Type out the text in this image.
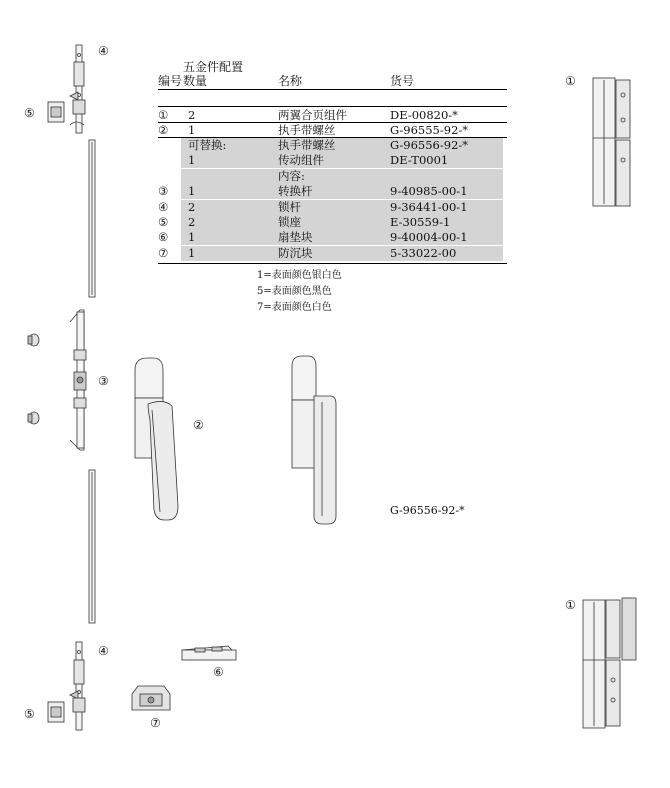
五金件配置
编号 数量	名称	货号
① 2	两翼合页组件	DE-00820-*
② 1	执手带螺丝	G-96555-92-*
可替换:	执手带螺丝	G-96556-92-*
1	传动组件	DE-T0001
内容:
③ 1	转换杆	9-40985-00-1
④ 2	锁杆	9-36441-00-1
⑤ 2	锁座	E-30559-1
⑥ 1	扇垫块	9-40004-00-1
⑦ 1	防沉块	5-33022-00
1=表面颜色银白色
5=表面颜色黑色
7=表面颜色白色
④
⑤
③
②
④
⑤
⑥
⑦
①
①
G-96556-92-*
